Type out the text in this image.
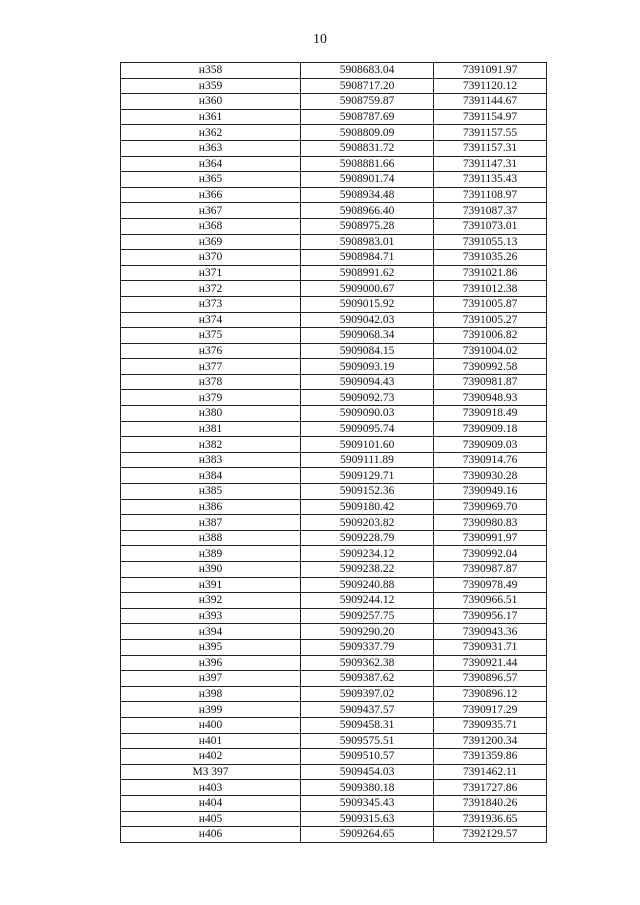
10
н358	5908683.04	7391091.97
н359	5908717.20	7391120.12
н360	5908759.87	7391144.67
н361	5908787.69	7391154.97
н362	5908809.09	7391157.55
н363	5908831.72	7391157.31
н364	5908881.66	7391147.31
н365	5908901.74	7391135.43
н366	5908934.48	7391108.97
н367	5908966.40	7391087.37
н368	5908975.28	7391073.01
н369	5908983.01	7391055.13
н370	5908984.71	7391035.26
н371	5908991.62	7391021.86
н372	5909000.67	7391012.38
н373	5909015.92	7391005.87
н374	5909042.03	7391005.27
н375	5909068.34	7391006.82
н376	5909084.15	7391004.02
н377	5909093.19	7390992.58
н378	5909094.43	7390981.87
н379	5909092.73	7390948.93
н380	5909090.03	7390918.49
н381	5909095.74	7390909.18
н382	5909101.60	7390909.03
н383	5909111.89	7390914.76
н384	5909129.71	7390930.28
н385	5909152.36	7390949.16
н386	5909180.42	7390969.70
н387	5909203.82	7390980.83
н388	5909228.79	7390991.97
н389	5909234.12	7390992.04
н390	5909238.22	7390987.87
н391	5909240.88	7390978.49
н392	5909244.12	7390966.51
н393	5909257.75	7390956.17
н394	5909290.20	7390943.36
н395	5909337.79	7390931.71
н396	5909362.38	7390921.44
н397	5909387.62	7390896.57
н398	5909397.02	7390896.12
н399	5909437.57	7390917.29
н400	5909458.31	7390935.71
н401	5909575.51	7391200.34
н402	5909510.57	7391359.86
МЗ 397	5909454.03	7391462.11
н403	5909380.18	7391727.86
н404	5909345.43	7391840.26
н405	5909315.63	7391936.65
н406	5909264.65	7392129.57
